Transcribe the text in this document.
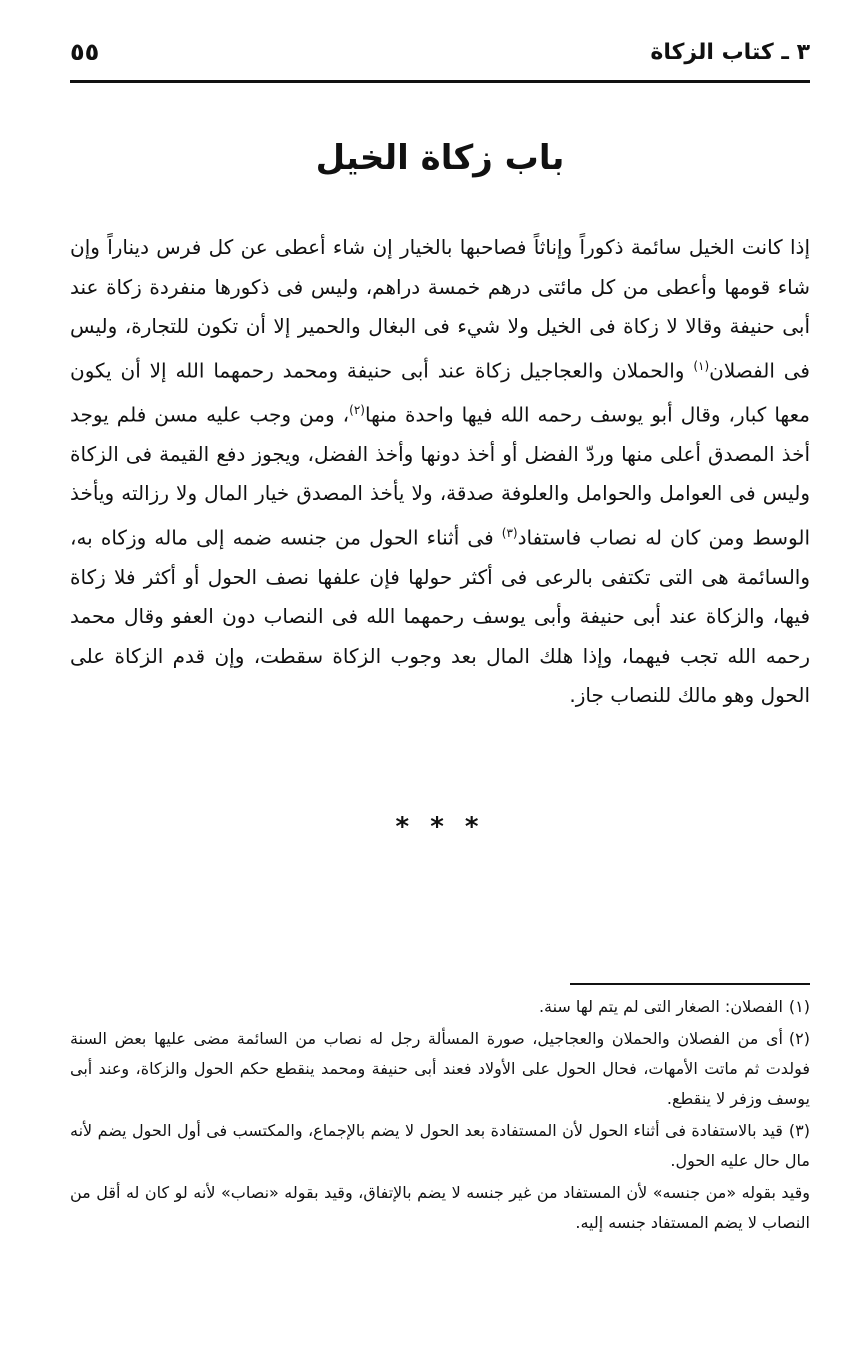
٣ ـ كتاب الزكاة
٥٥
باب زكاة الخيل
إذا كانت الخيل سائمة ذكوراً وإناثاً فصاحبها بالخيار إن شاء أعطى عن كل فرس ديناراً وإن شاء قومها وأعطى من كل مائتى درهم خمسة دراهم، وليس فى ذكورها منفردة زكاة عند أبى حنيفة وقالا لا زكاة فى الخيل ولا شيء فى البغال والحمير إلا أن تكون للتجارة، وليس فى الفصلان$^{(١)}$ والحملان والعجاجيل زكاة عند أبى حنيفة ومحمد رحمهما الله إلا أن يكون معها كبار، وقال أبو يوسف رحمه الله فيها واحدة منها$^{(٢)}$، ومن وجب عليه مسن فلم يوجد أخذ المصدق أعلى منها وردّ الفضل أو أخذ دونها وأخذ الفضل، ويجوز دفع القيمة فى الزكاة وليس فى العوامل والحوامل والعلوفة صدقة، ولا يأخذ المصدق خيار المال ولا رزالته ويأخذ الوسط ومن كان له نصاب فاستفاد$^{(٣)}$ فى أثناء الحول من جنسه ضمه إلى ماله وزكاه به، والسائمة هى التى تكتفى بالرعى فى أكثر حولها فإن علفها نصف الحول أو أكثر فلا زكاة فيها، والزكاة عند أبى حنيفة وأبى يوسف رحمهما الله فى النصاب دون العفو وقال محمد رحمه الله تجب فيهما، وإذا هلك المال بعد وجوب الزكاة سقطت، وإن قدم الزكاة على الحول وهو مالك للنصاب جاز.
* * *
(١)الفصلان: الصغار التى لم يتم لها سنة.
(٢)أى من الفصلان والحملان والعجاجيل، صورة المسألة رجل له نصاب من السائمة مضى عليها بعض السنة فولدت ثم ماتت الأمهات، فحال الحول على الأولاد فعند أبى حنيفة ومحمد ينقطع حكم الحول والزكاة، وعند أبى يوسف وزفر لا ينقطع.
(٣)قيد بالاستفادة فى أثناء الحول لأن المستفادة بعد الحول لا يضم بالإجماع، والمكتسب فى أول الحول يضم لأنه مال حال عليه الحول.
وقيد بقوله «من جنسه» لأن المستفاد من غير جنسه لا يضم بالإتفاق، وقيد بقوله «نصاب» لأنه لو كان له أقل من النصاب لا يضم المستفاد جنسه إليه.
